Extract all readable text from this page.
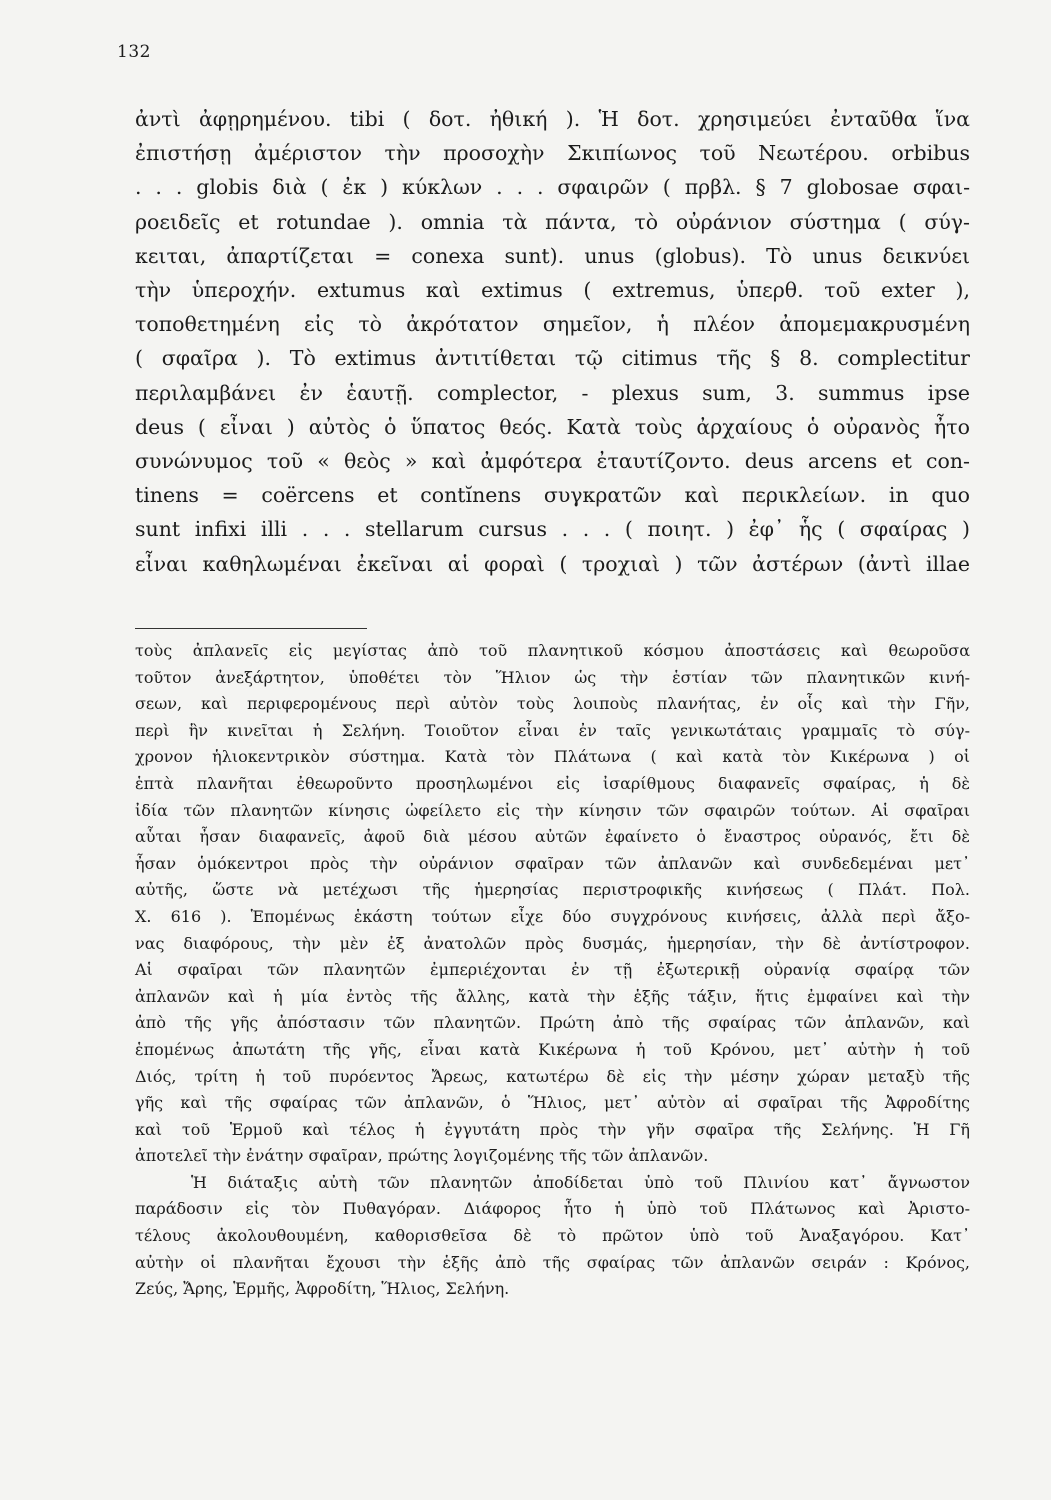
132
ἀντὶ ἀφῃρημένου. tibi ( δοτ. ἠθική ). Ἡ δοτ. χρησιμεύει ἐνταῦθα ἵνα
ἐπιστήσῃ ἀμέριστον τὴν προσοχὴν Σκιπίωνος τοῦ Νεωτέρου. orbibus
. . . globis διὰ ( ἐκ ) κύκλων . . . σφαιρῶν ( πρβλ. § 7 globosae σφαι-
ροειδεῖς et rotundae ). omnia τὰ πάντα, τὸ οὐράνιον σύστημα ( σύγ-
κειται, ἀπαρτίζεται = conexa sunt). unus (globus). Τὸ unus δεικνύει
τὴν ὑπεροχήν. extumus καὶ extimus ( extremus, ὑπερθ. τοῦ exter ),
τοποθετημένη εἰς τὸ ἀκρότατον σημεῖον, ἡ πλέον ἀπομεμακρυσμένη
( σφαῖρα ). Τὸ extimus ἀντιτίθεται τῷ citimus τῆς § 8. complectitur
περιλαμβάνει ἐν ἑαυτῇ. complector, - plexus sum, 3. summus ipse
deus ( εἶναι ) αὐτὸς ὁ ὕπατος θεός. Κατὰ τοὺς ἀρχαίους ὁ οὐρανὸς ἦτο
συνώνυμος τοῦ « θεὸς » καὶ ἀμφότερα ἐταυτίζοντο. deus arcens et con-
tinens = coërcens et contĭnens συγκρατῶν καὶ περικλείων. in quo
sunt infixi illi . . . stellarum cursus . . . ( ποιητ. ) ἐφ᾽ ἧς ( σφαίρας )
εἶναι καθηλωμέναι ἐκεῖναι αἱ φοραὶ ( τροχιαὶ ) τῶν ἀστέρων (ἀντὶ illae
τοὺς ἀπλανεῖς εἰς μεγίστας ἀπὸ τοῦ πλανητικοῦ κόσμου ἀποστάσεις καὶ θεωροῦσα
τοῦτον ἀνεξάρτητον, ὑποθέτει τὸν Ἥλιον ὡς τὴν ἑστίαν τῶν πλανητικῶν κινή-
σεων, καὶ περιφερομένους περὶ αὐτὸν τοὺς λοιποὺς πλανήτας, ἐν οἷς καὶ τὴν Γῆν,
περὶ ἣν κινεῖται ἡ Σελήνη. Τοιοῦτον εἶναι ἐν ταῖς γενικωτάταις γραμμαῖς τὸ σύγ-
χρονον ἡλιοκεντρικὸν σύστημα. Κατὰ τὸν Πλάτωνα ( καὶ κατὰ τὸν Κικέρωνα ) οἱ
ἑπτὰ πλανῆται ἐθεωροῦντο προσηλωμένοι εἰς ἰσαρίθμους διαφανεῖς σφαίρας, ἡ δὲ
ἰδία τῶν πλανητῶν κίνησις ὠφείλετο εἰς τὴν κίνησιν τῶν σφαιρῶν τούτων. Αἱ σφαῖραι
αὗται ἦσαν διαφανεῖς, ἀφοῦ διὰ μέσου αὐτῶν ἐφαίνετο ὁ ἔναστρος οὐρανός, ἔτι δὲ
ἦσαν ὁμόκεντροι πρὸς τὴν οὐράνιον σφαῖραν τῶν ἀπλανῶν καὶ συνδεδεμέναι μετ᾽
αὐτῆς, ὥστε νὰ μετέχωσι τῆς ἡμερησίας περιστροφικῆς κινήσεως ( Πλάτ. Πολ.
X. 616 ). Ἑπομένως ἑκάστη τούτων εἶχε δύο συγχρόνους κινήσεις, ἀλλὰ περὶ ἄξο-
νας διαφόρους, τὴν μὲν ἐξ ἀνατολῶν πρὸς δυσμάς, ἡμερησίαν, τὴν δὲ ἀντίστροφον.
Αἱ σφαῖραι τῶν πλανητῶν ἐμπεριέχονται ἐν τῇ ἐξωτερικῇ οὐρανίᾳ σφαίρᾳ τῶν
ἀπλανῶν καὶ ἡ μία ἐντὸς τῆς ἄλλης, κατὰ τὴν ἑξῆς τάξιν, ἥτις ἐμφαίνει καὶ τὴν
ἀπὸ τῆς γῆς ἀπόστασιν τῶν πλανητῶν. Πρώτη ἀπὸ τῆς σφαίρας τῶν ἀπλανῶν, καὶ
ἑπομένως ἀπωτάτη τῆς γῆς, εἶναι κατὰ Κικέρωνα ἡ τοῦ Κρόνου, μετ᾽ αὐτὴν ἡ τοῦ
Διός, τρίτη ἡ τοῦ πυρόεντος Ἄρεως, κατωτέρω δὲ εἰς τὴν μέσην χώραν μεταξὺ τῆς
γῆς καὶ τῆς σφαίρας τῶν ἀπλανῶν, ὁ Ἥλιος, μετ᾽ αὐτὸν αἱ σφαῖραι τῆς Ἀφροδίτης
καὶ τοῦ Ἑρμοῦ καὶ τέλος ἡ ἐγγυτάτη πρὸς τὴν γῆν σφαῖρα τῆς Σελήνης. Ἡ Γῆ
ἀποτελεῖ τὴν ἐνάτην σφαῖραν, πρώτης λογιζομένης τῆς τῶν ἀπλανῶν.
Ἡ διάταξις αὐτὴ τῶν πλανητῶν ἀποδίδεται ὑπὸ τοῦ Πλινίου κατ᾽ ἄγνωστον
παράδοσιν εἰς τὸν Πυθαγόραν. Διάφορος ἦτο ἡ ὑπὸ τοῦ Πλάτωνος καὶ Ἀριστο-
τέλους ἀκολουθουμένη, καθορισθεῖσα δὲ τὸ πρῶτον ὑπὸ τοῦ Ἀναξαγόρου. Κατ᾽
αὐτὴν οἱ πλανῆται ἔχουσι τὴν ἑξῆς ἀπὸ τῆς σφαίρας τῶν ἀπλανῶν σειράν : Κρόνος,
Ζεύς, Ἄρης, Ἑρμῆς, Ἀφροδίτη, Ἥλιος, Σελήνη.
